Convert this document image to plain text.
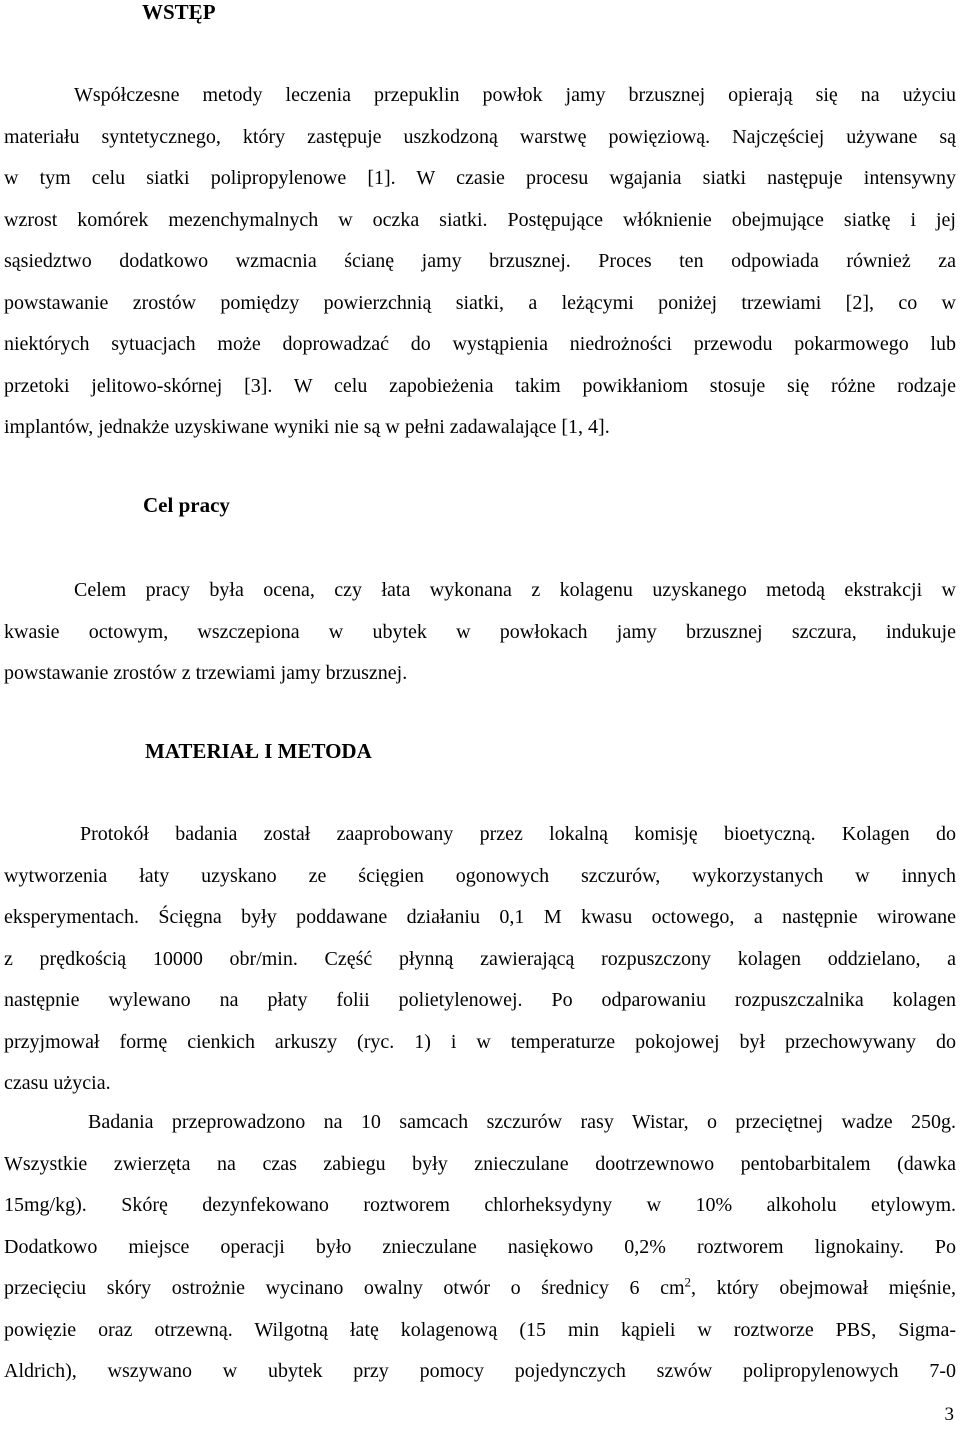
WSTĘP
Cel pracy
MATERIAŁ I METODA
Współczesne metody leczenia przepuklin powłok jamy brzusznej opierają się na użyciu
materiału syntetycznego, który zastępuje uszkodzoną warstwę powięziową. Najczęściej używane są
w tym celu siatki polipropylenowe [1]. W czasie procesu wgajania siatki następuje intensywny
wzrost komórek mezenchymalnych w oczka siatki. Postępujące włóknienie obejmujące siatkę i jej
sąsiedztwo dodatkowo wzmacnia ścianę jamy brzusznej. Proces ten odpowiada również za
powstawanie zrostów pomiędzy powierzchnią siatki, a leżącymi poniżej trzewiami [2], co w
niektórych sytuacjach może doprowadzać do wystąpienia niedrożności przewodu pokarmowego lub
przetoki jelitowo-skórnej [3]. W celu zapobieżenia takim powikłaniom stosuje się różne rodzaje
implantów, jednakże uzyskiwane wyniki nie są w pełni zadawalające [1, 4].
Celem pracy była ocena, czy łata wykonana z kolagenu uzyskanego metodą ekstrakcji w
kwasie octowym, wszczepiona w ubytek w powłokach jamy brzusznej szczura, indukuje
powstawanie zrostów z trzewiami jamy brzusznej.
Protokół badania został zaaprobowany przez lokalną komisję bioetyczną. Kolagen do
wytworzenia łaty uzyskano ze ścięgien ogonowych szczurów, wykorzystanych w innych
eksperymentach. Ścięgna były poddawane działaniu 0,1 M kwasu octowego, a następnie wirowane
z prędkością 10000 obr/min. Część płynną zawierającą rozpuszczony kolagen oddzielano, a
następnie wylewano na płaty folii polietylenowej. Po odparowaniu rozpuszczalnika kolagen
przyjmował formę cienkich arkuszy (ryc. 1) i w temperaturze pokojowej był przechowywany do
czasu użycia.
Badania przeprowadzono na 10 samcach szczurów rasy Wistar, o przeciętnej wadze 250g.
Wszystkie zwierzęta na czas zabiegu były znieczulane dootrzewnowo pentobarbitalem (dawka
15mg/kg). Skórę dezynfekowano roztworem chlorheksydyny w 10% alkoholu etylowym.
Dodatkowo miejsce operacji było znieczulane nasiękowo 0,2% roztworem lignokainy. Po
przecięciu skóry ostrożnie wycinano owalny otwór o średnicy 6 $cm^2$, który obejmował mięśnie,
powięzie oraz otrzewną. Wilgotną łatę kolagenową (15 min kąpieli w roztworze PBS, Sigma-
Aldrich), wszywano w ubytek przy pomocy pojedynczych szwów polipropylenowych 7-0
3
